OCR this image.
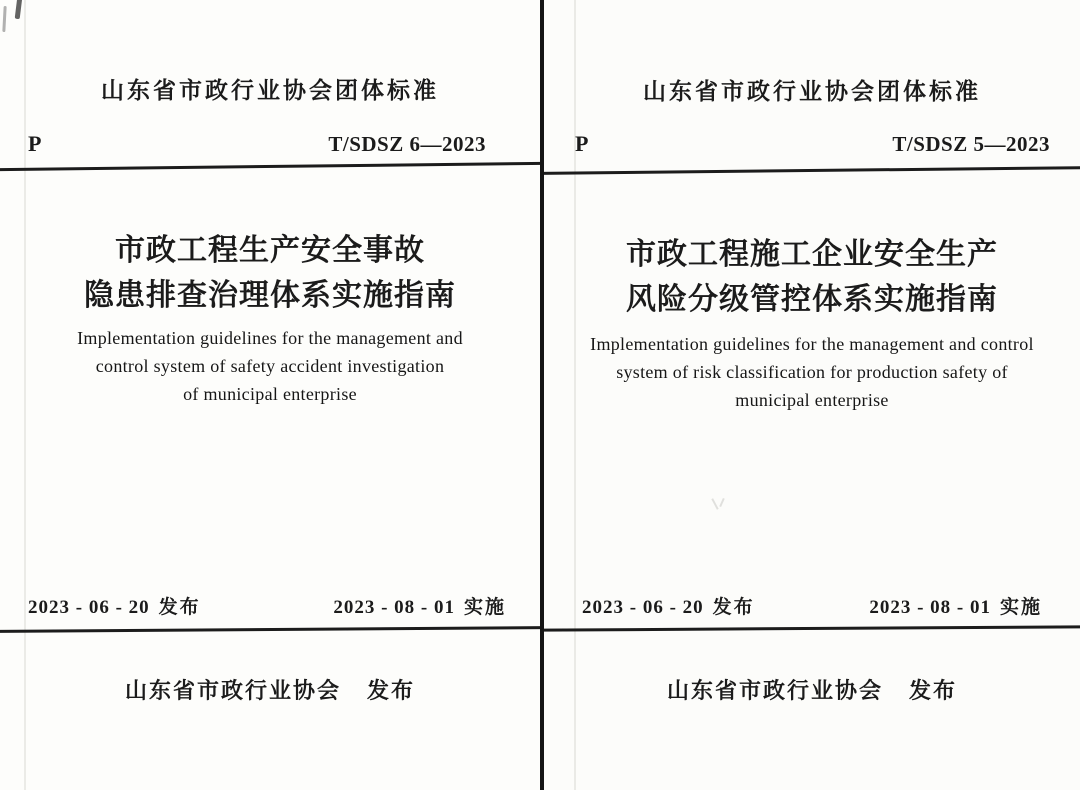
山东省市政行业协会团体标准
P	T/SDSZ 6—2023
市政工程生产安全事故
隐患排查治理体系实施指南
Implementation guidelines for the management and
control system of safety accident investigation
of municipal enterprise
2023 - 06 - 20 发布	2023 - 08 - 01 实施
山东省市政行业协会 发布
山东省市政行业协会团体标准
P	T/SDSZ 5—2023
市政工程施工企业安全生产
风险分级管控体系实施指南
Implementation guidelines for the management and control
system of risk classification for production safety of
municipal enterprise
2023 - 06 - 20 发布	2023 - 08 - 01 实施
山东省市政行业协会 发布
